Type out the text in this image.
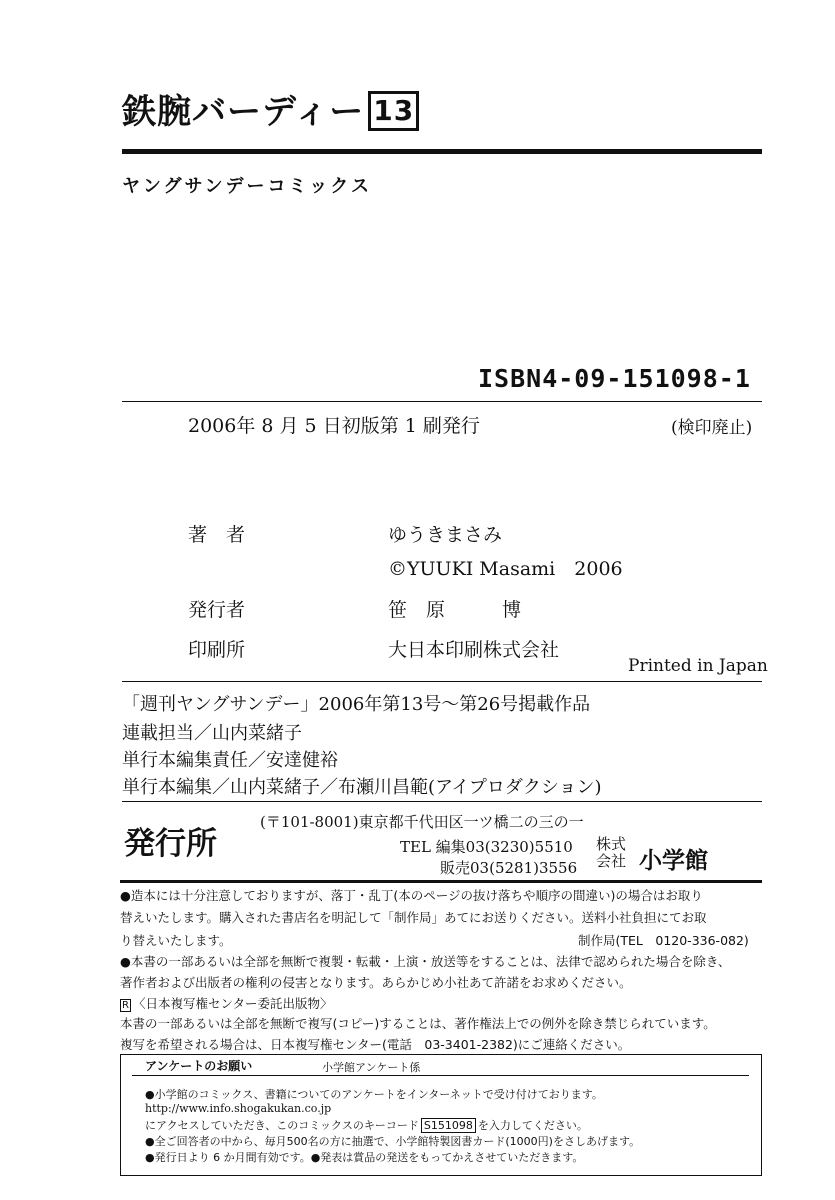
鉄腕バーディー 13
ヤングサンデーコミックス
ISBN4-09-151098-1
2006年 8 月 5 日初版第 1 刷発行	(検印廃止)
著　者	ゆうきまさみ
©YUUKI Masami　2006
発行者	笹　原　　　博
印刷所	大日本印刷株式会社
Printed in Japan
「週刊ヤングサンデー」2006年第13号〜第26号掲載作品
連載担当／山内菜緒子
単行本編集責任／安達健裕
単行本編集／山内菜緒子／布瀬川昌範(アイプロダクション)
発行所
(〒101-8001)東京都千代田区一ツ橋二の三の一
TEL 編集03(3230)5510
販売03(5281)3556
株式
会社 小学館
●造本には十分注意しておりますが、落丁・乱丁(本のページの抜け落ちや順序の間違い)の場合はお取り
替えいたします。購入された書店名を明記して「制作局」あてにお送りください。送料小社負担にてお取
り替えいたします。	制作局(TEL　0120-336-082)
●本書の一部あるいは全部を無断で複製・転載・上演・放送等をすることは、法律で認められた場合を除き、
著作者および出版者の権利の侵害となります。あらかじめ小社あて許諾をお求めください。
R 〈日本複写権センター委託出版物〉
本書の一部あるいは全部を無断で複写(コピー)することは、著作権法上での例外を除き禁じられています。
複写を希望される場合は、日本複写権センター(電話　03-3401-2382)にご連絡ください。
アンケートのお願い	小学館アンケート係
●小学館のコミックス、書籍についてのアンケートをインターネットで受け付けております。
http://www.info.shogakukan.co.jp
にアクセスしていただき、このコミックスのキーコード S151098 を入力してください。
●全ご回答者の中から、毎月500名の方に抽選で、小学館特製図書カード(1000円)をさしあげます。
●発行日より 6 か月間有効です。●発表は賞品の発送をもってかえさせていただきます。
